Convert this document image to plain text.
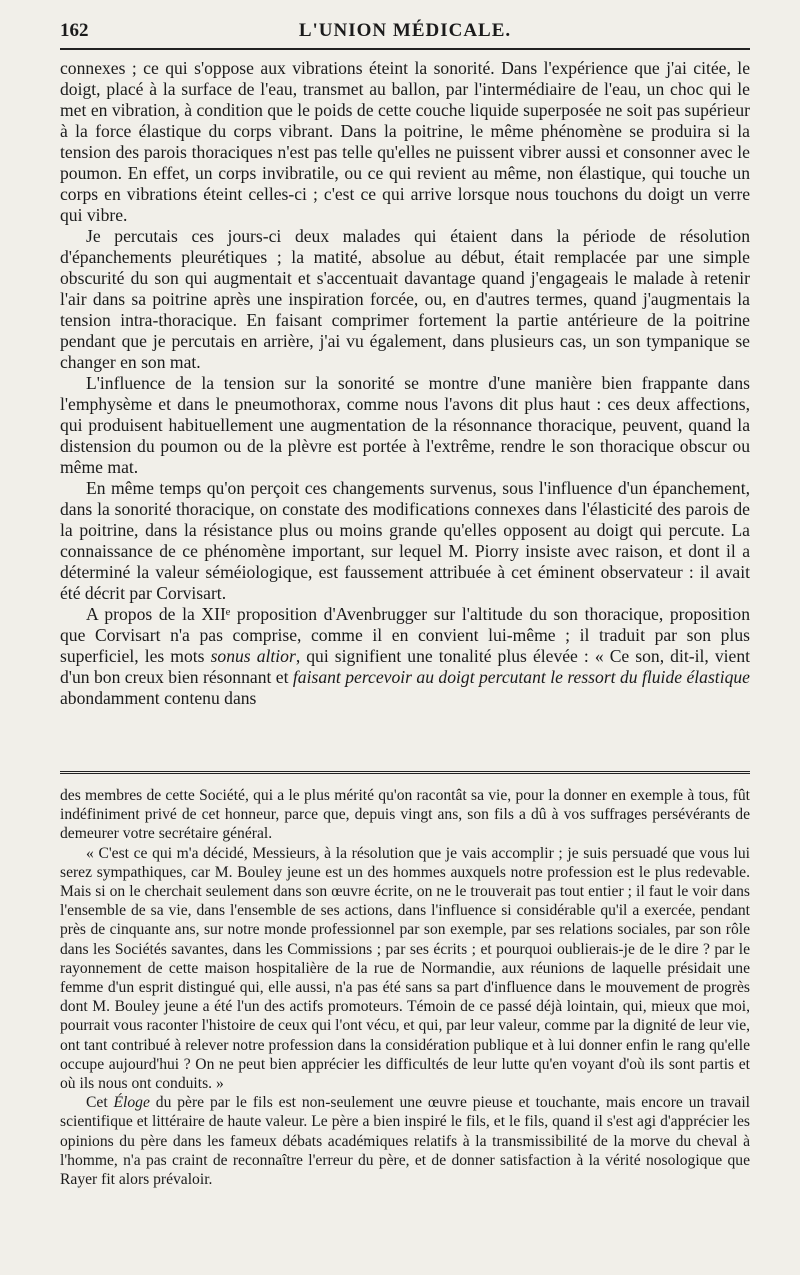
162	L'UNION MÉDICALE.

connexes ; ce qui s'oppose aux vibrations éteint la sonorité. Dans l'expérience que j'ai citée, le doigt, placé à la surface de l'eau, transmet au ballon, par l'intermédiaire de l'eau, un choc qui le met en vibration, à condition que le poids de cette couche liquide superposée ne soit pas supérieur à la force élastique du corps vibrant. Dans la poitrine, le même phénomène se produira si la tension des parois thoraciques n'est pas telle qu'elles ne puissent vibrer aussi et consonner avec le poumon. En effet, un corps invibratile, ou ce qui revient au même, non élastique, qui touche un corps en vibrations éteint celles-ci ; c'est ce qui arrive lorsque nous touchons du doigt un verre qui vibre.

Je percutais ces jours-ci deux malades qui étaient dans la période de résolution d'épanchements pleurétiques ; la matité, absolue au début, était remplacée par une simple obscurité du son qui augmentait et s'accentuait davantage quand j'engageais le malade à retenir l'air dans sa poitrine après une inspiration forcée, ou, en d'autres termes, quand j'augmentais la tension intra-thoracique. En faisant comprimer fortement la partie antérieure de la poitrine pendant que je percutais en arrière, j'ai vu également, dans plusieurs cas, un son tympanique se changer en son mat.

L'influence de la tension sur la sonorité se montre d'une manière bien frappante dans l'emphysème et dans le pneumothorax, comme nous l'avons dit plus haut : ces deux affections, qui produisent habituellement une augmentation de la résonnance thoracique, peuvent, quand la distension du poumon ou de la plèvre est portée à l'extrême, rendre le son thoracique obscur ou même mat.

En même temps qu'on perçoit ces changements survenus, sous l'influence d'un épanchement, dans la sonorité thoracique, on constate des modifications connexes dans l'élasticité des parois de la poitrine, dans la résistance plus ou moins grande qu'elles opposent au doigt qui percute. La connaissance de ce phénomène important, sur lequel M. Piorry insiste avec raison, et dont il a déterminé la valeur séméiologique, est faussement attribuée à cet éminent observateur : il avait été décrit par Corvisart.

A propos de la XIIᵉ proposition d'Avenbrugger sur l'altitude du son thoracique, proposition que Corvisart n'a pas comprise, comme il en convient lui-même ; il traduit par son plus superficiel, les mots sonus altior, qui signifient une tonalité plus élevée : « Ce son, dit-il, vient d'un bon creux bien résonnant et faisant percevoir au doigt percutant le ressort du fluide élastique abondamment contenu dans

des membres de cette Société, qui a le plus mérité qu'on racontât sa vie, pour la donner en exemple à tous, fût indéfiniment privé de cet honneur, parce que, depuis vingt ans, son fils a dû à vos suffrages persévérants de demeurer votre secrétaire général.

« C'est ce qui m'a décidé, Messieurs, à la résolution que je vais accomplir ; je suis persuadé que vous lui serez sympathiques, car M. Bouley jeune est un des hommes auxquels notre profession est le plus redevable. Mais si on le cherchait seulement dans son œuvre écrite, on ne le trouverait pas tout entier ; il faut le voir dans l'ensemble de sa vie, dans l'ensemble de ses actions, dans l'influence si considérable qu'il a exercée, pendant près de cinquante ans, sur notre monde professionnel par son exemple, par ses relations sociales, par son rôle dans les Sociétés savantes, dans les Commissions ; par ses écrits ; et pourquoi oublierais-je de le dire ? par le rayonnement de cette maison hospitalière de la rue de Normandie, aux réunions de laquelle présidait une femme d'un esprit distingué qui, elle aussi, n'a pas été sans sa part d'influence dans le mouvement de progrès dont M. Bouley jeune a été l'un des actifs promoteurs. Témoin de ce passé déjà lointain, qui, mieux que moi, pourrait vous raconter l'histoire de ceux qui l'ont vécu, et qui, par leur valeur, comme par la dignité de leur vie, ont tant contribué à relever notre profession dans la considération publique et à lui donner enfin le rang qu'elle occupe aujourd'hui ? On ne peut bien apprécier les difficultés de leur lutte qu'en voyant d'où ils sont partis et où ils nous ont conduits. »

Cet Éloge du père par le fils est non-seulement une œuvre pieuse et touchante, mais encore un travail scientifique et littéraire de haute valeur. Le père a bien inspiré le fils, et le fils, quand il s'est agi d'apprécier les opinions du père dans les fameux débats académiques relatifs à la transmissibilité de la morve du cheval à l'homme, n'a pas craint de reconnaître l'erreur du père, et de donner satisfaction à la vérité nosologique que Rayer fit alors prévaloir.
